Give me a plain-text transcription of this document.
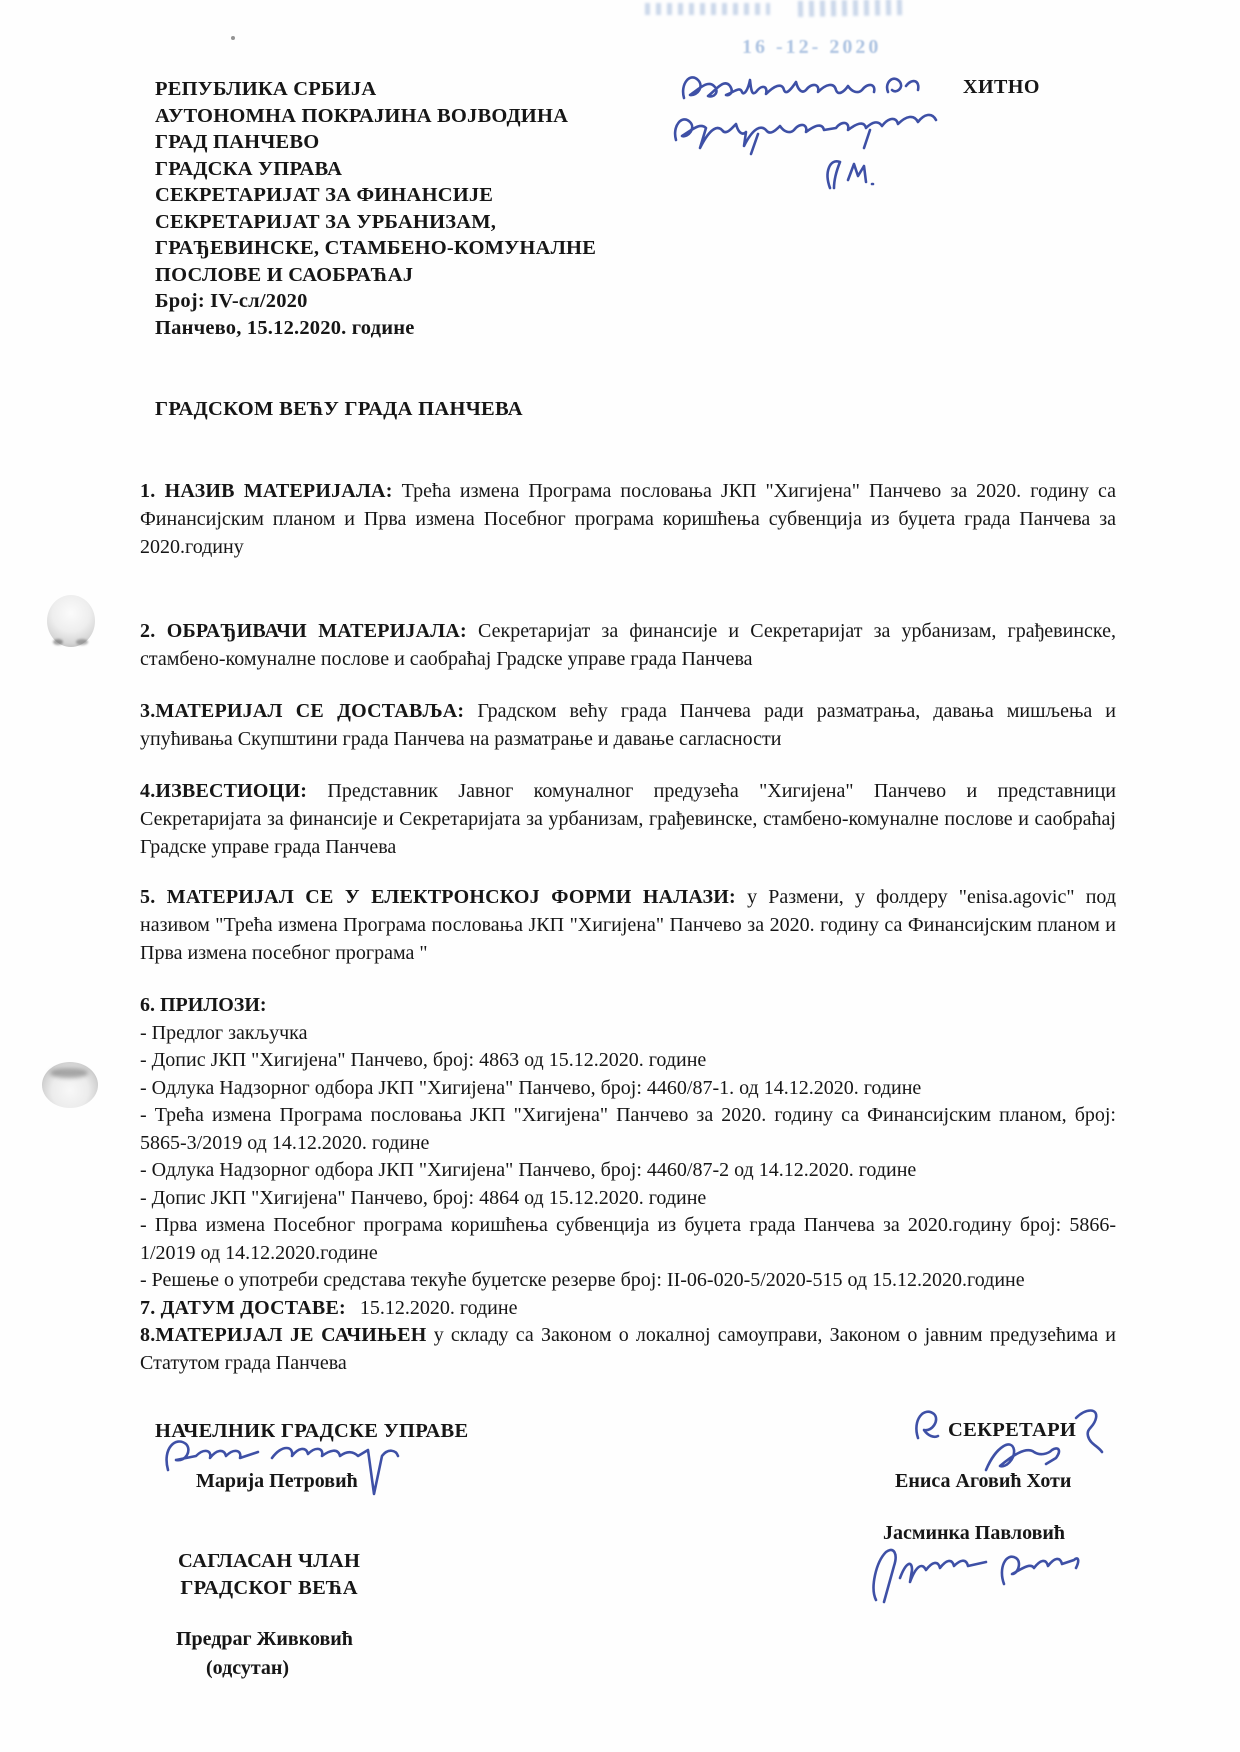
16 -12- 2020
РЕПУБЛИКА СРБИЈА
АУТОНОМНА ПОКРАЈИНА ВОЈВОДИНА
ГРАД ПАНЧЕВО
ГРАДСКА УПРАВА
СЕКРЕТАРИЈАТ ЗА ФИНАНСИЈЕ
СЕКРЕТАРИЈАТ ЗА УРБАНИЗАМ,
ГРАЂЕВИНСКЕ, СТАМБЕНО-КОМУНАЛНЕ
ПОСЛОВЕ И САОБРАЋАЈ
Број: IV-сл/2020
Панчево, 15.12.2020. године
ХИТНО
ГРАДСКОМ ВЕЋУ ГРАДА ПАНЧЕВА

1. НАЗИВ МАТЕРИЈАЛА: Трећа измена Програма пословања ЈКП "Хигијена" Панчево за 2020. годину са Финансијским планом и Прва измена Посебног програма коришћења субвенција из буџета града Панчева за 2020.годину

2. ОБРАЂИВАЧИ МАТЕРИЈАЛА: Секретаријат за финансије и Секретаријат за урбанизам, грађевинске, стамбено-комуналне послове и саобраћај Градске управе града Панчева

3.МАТЕРИЈАЛ СЕ ДОСТАВЉА: Градском већу града Панчева ради разматрања, давања мишљења и упућивања Скупштини града Панчева на разматрање и давање сагласности

4.ИЗВЕСТИОЦИ: Представник Јавног комуналног предузећа "Хигијена" Панчево и представници Секретаријата за финансије и Секретаријата за урбанизам, грађевинске, стамбено-комуналне послове и саобраћај Градске управе града Панчева

5. МАТЕРИЈАЛ СЕ У ЕЛЕКТРОНСКОЈ ФОРМИ НАЛАЗИ: у Размени, у фолдеру "enisa.agovic" под називом "Трећа измена Програма пословања ЈКП "Хигијена" Панчево за 2020. годину са Финансијским планом и Прва измена посебног програма "

6. ПРИЛОЗИ:

- Предлог закључка

- Допис ЈКП "Хигијена" Панчево, број: 4863 од 15.12.2020. године

- Одлука Надзорног одбора ЈКП "Хигијена" Панчево, број: 4460/87-1. од 14.12.2020. године

- Трећа измена Програма пословања ЈКП "Хигијена" Панчево за 2020. годину са Финансијским планом, број: 5865-3/2019 од 14.12.2020. године

- Одлука Надзорног одбора ЈКП "Хигијена" Панчево, број: 4460/87-2 од 14.12.2020. године

- Допис ЈКП "Хигијена" Панчево, број: 4864 од 15.12.2020. године

- Прва измена Посебног програма коришћења субвенција из буџета града Панчева за 2020.годину број: 5866-1/2019 од 14.12.2020.године

- Решење о употреби средстава текуће буџетске резерве број: II-06-020-5/2020-515 од 15.12.2020.године

7. ДАТУМ ДОСТАВЕ: 15.12.2020. године

8.МАТЕРИЈАЛ ЈЕ САЧИЊЕН у складу са Законом о локалној самоуправи, Законом о јавним предузећима и Статутом града Панчева

НАЧЕЛНИК ГРАДСКЕ УПРАВЕ
Марија Петровић
СЕКРЕТАРИ
Ениса Аговић Хоти
Јасминка Павловић
САГЛАСАН ЧЛАН
ГРАДСКОГ ВЕЋА
Предраг Живковић
(одсутан)
